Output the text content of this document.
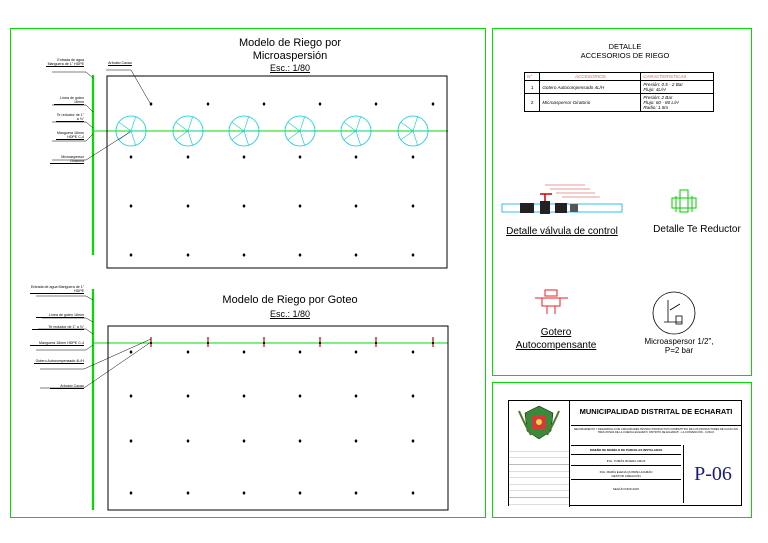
Modelo de Riego por
Microaspersión
Esc.: 1/80
Entrada de agua Manguera de 1" HDPE
Línea de goteo 16mm
Te reductor de 1" a ¾"
Manguera 16mm HDPE C-4
Microaspersor Giratoria
Arbusto Cacao
Modelo de Riego por Goteo
Esc.: 1/80
Entrada de agua Manguera de 1" HDPE
Línea de goteo 16mm
Te reductor de 1" a ¾"
Manguera 16mm HDPE C-4
Gotero Autocompensado 4L/H
Arbusto Cacao
DETALLE
ACCESORIOS DE RIEGO
N°	ACCESORIOS	CARACTERISTICAS
1	Gotero Autocompensado 4L/H	Presión: 0.5 - 2 Bar
Flujo: 4L/H

2	Microaspersor Giratorio	Presión: 2 Bar
Flujo: 60 - 80 L/H
Radio: 1.5m
Detalle válvula de control	Detalle Te Reductor
Gotero
Autocompensante	Microaspersor 1/2",
P=2 bar
MUNICIPALIDAD DISTRITAL DE ECHARATI
MEJORAMIENTO Y DESARROLLO DE CAPACIDADES TÉCNICO PRODUCTIVO COMPETITIVO DE LOS PRODUCTORES DE CACAO EN TRES ZONAS DE LA CUENCA ECHARATI, DISTRITO DE ECHARATI - LA CONVENCIÓN - CUSCO
DISEÑO DE MODELO DE PARCELAS INSTALADAS
ING. TOMÁS RIVERA CRUZ
ING. MARÍA ELENA QUISPE HUAMÁN
GESTOR CREACIÓN
SEGÚN INDICADO
P-06
